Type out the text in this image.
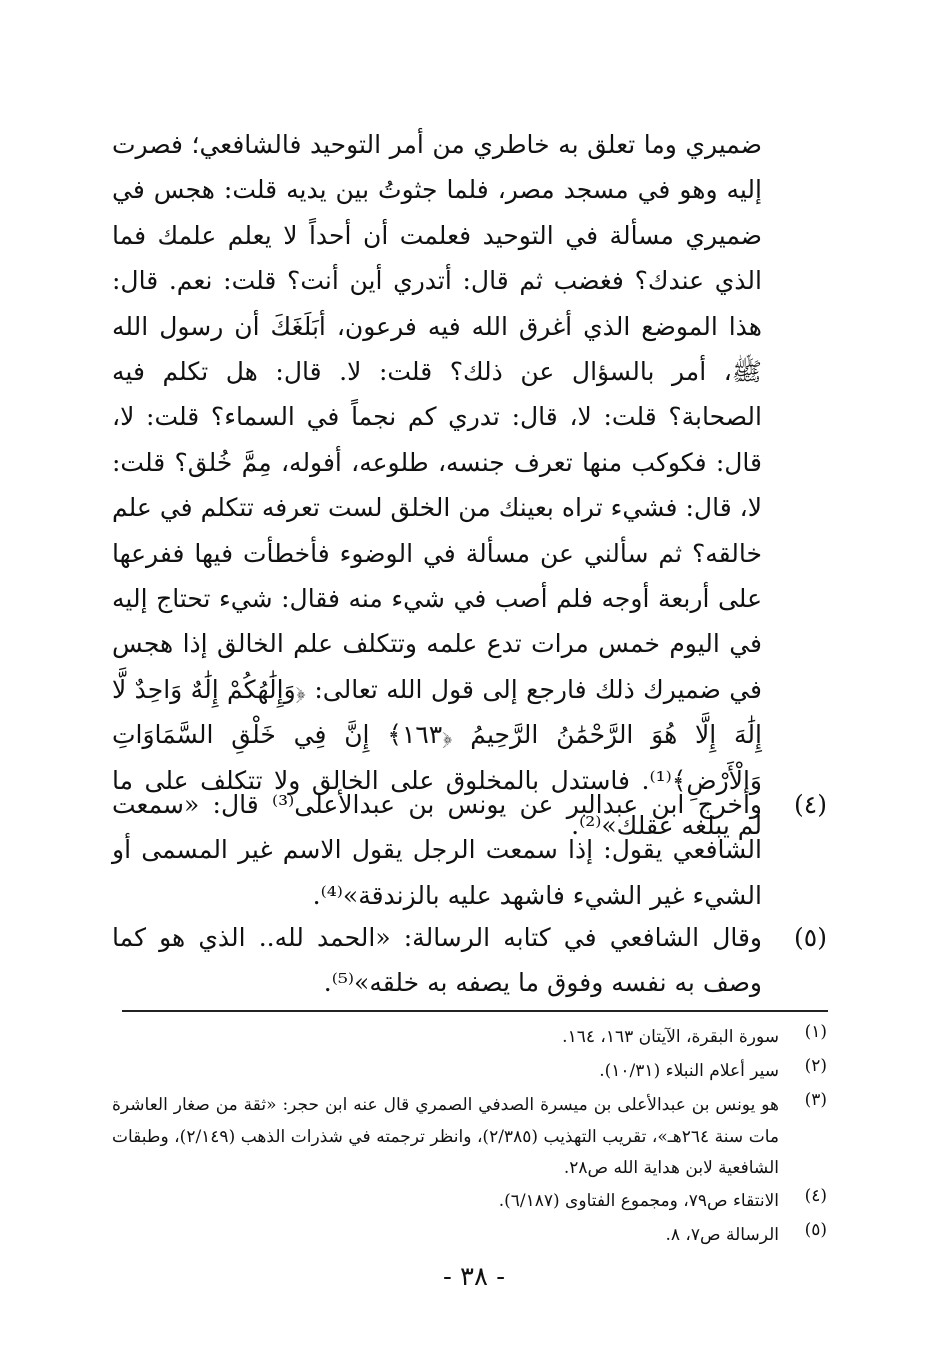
ضميري وما تعلق به خاطري من أمر التوحيد فالشافعي؛ فصرت إليه وهو في مسجد مصر، فلما جثوتُ بين يديه قلت: هجس في ضميري مسألة في التوحيد فعلمت أن أحداً لا يعلم علمك فما الذي عندك؟ فغضب ثم قال: أتدري أين أنت؟ قلت: نعم. قال: هذا الموضع الذي أغرق الله فيه فرعون، أبَلَغَكَ أن رسول الله ﷺ، أمر بالسؤال عن ذلك؟ قلت: لا. قال: هل تكلم فيه الصحابة؟ قلت: لا، قال: تدري كم نجماً في السماء؟ قلت: لا، قال: فكوكب منها تعرف جنسه، طلوعه، أفوله، مِمَّ خُلق؟ قلت: لا، قال: فشيء تراه بعينك من الخلق لست تعرفه تتكلم في علم خالقه؟ ثم سألني عن مسألة في الوضوء فأخطأت فيها ففرعها على أربعة أوجه فلم أصب في شيء منه فقال: شيء تحتاج إليه في اليوم خمس مرات تدع علمه وتتكلف علم الخالق إذا هجس في ضميرك ذلك فارجع إلى قول الله تعالى: ﴿وَإِلَٰهُكُمْ إِلَٰهٌ وَاحِدٌ لَّا إِلَٰهَ إِلَّا هُوَ الرَّحْمَٰنُ الرَّحِيمُ ﴿١٦٣﴾ إِنَّ فِي خَلْقِ السَّمَاوَاتِ وَالْأَرْضِ﴾⁽¹⁾. فاستدل بالمخلوق على الخالق ولا تتكلف على ما لم يبلغه عقلك»⁽²⁾.

(٤)
وأخرج ابن عبدالبر عن يونس بن عبدالأعلى⁽³⁾ قال: «سمعت الشافعي يقول: إذا سمعت الرجل يقول الاسم غير المسمى أو الشيء غير الشيء فاشهد عليه بالزندقة»⁽⁴⁾.
(٥)
وقال الشافعي في كتابه الرسالة: «الحمد لله.. الذي هو كما وصف به نفسه وفوق ما يصفه به خلقه»⁽⁵⁾.
(١)
سورة البقرة، الآيتان ١٦٣، ١٦٤.
(٢)
سير أعلام النبلاء (١٠/٣١).
(٣)
هو يونس بن عبدالأعلى بن ميسرة الصدفي الصمري قال عنه ابن حجر: «ثقة من صغار العاشرة مات سنة ٢٦٤هـ»، تقريب التهذيب (٢/٣٨٥)، وانظر ترجمته في شذرات الذهب (٢/١٤٩)، وطبقات الشافعية لابن هداية الله ص٢٨.
(٤)
الانتقاء ص٧٩، ومجموع الفتاوى (٦/١٨٧).
(٥)
الرسالة ص٧، ٨.
- ٣٨ -
